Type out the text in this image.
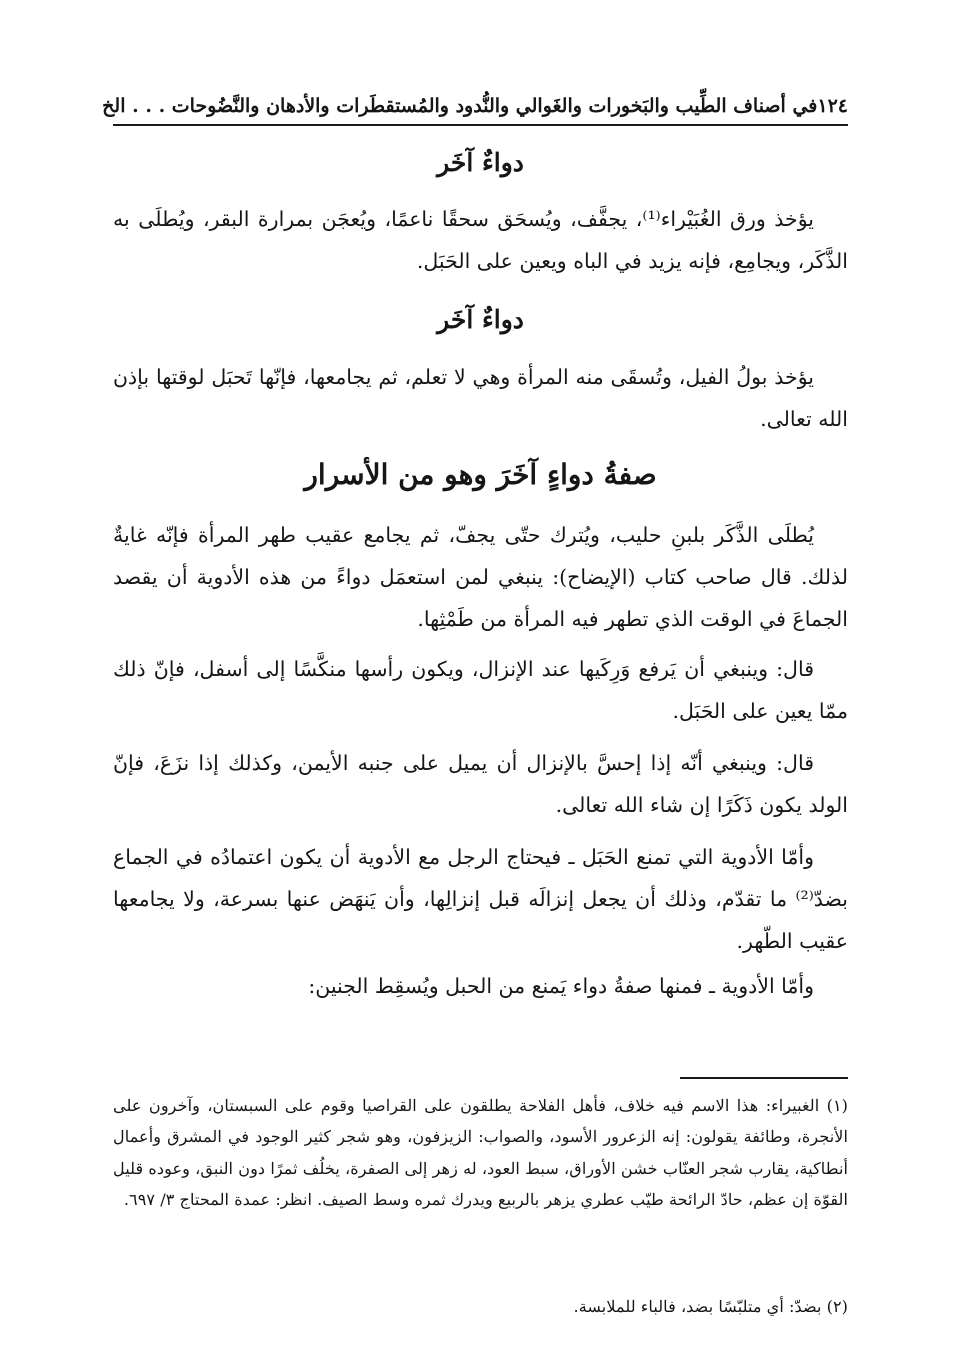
١٢٤
في أصناف الطِّيب والبَخورات والغَوالي والنُّدود والمُستقطَرات والأدهان والنَّضُوحات . . . الخ
دواءٌ آخَر

يؤخذ ورق الغُبَيْراء⁽¹⁾، يجفَّف، ويُسحَق سحقًا ناعمًا، ويُعجَن بمرارة البقر، ويُطلَى به الذَّكَر، ويجامِع، فإنه يزيد في الباه ويعين على الحَبَل.

دواءٌ آخَر

يؤخذ بولُ الفيل، وتُسقَى منه المرأة وهي لا تعلم، ثم يجامعها، فإنّها تَحبَل لوقتها بإذن الله تعالى.

صفةُ دواءٍ آخَرَ وهو من الأسرار

يُطلَى الذَّكَر بلبنِ حليب، ويُترك حتّى يجفّ، ثم يجامع عقيب طهر المرأة فإنّه غايةٌ لذلك. قال صاحب كتاب (الإيضاح): ينبغي لمن استعمَل دواءً من هذه الأدوية أن يقصد الجماعَ في الوقت الذي تطهر فيه المرأة من طَمْثِها.

قال: وينبغي أن يَرفع وَرِكَيها عند الإنزال، ويكون رأسها منكَّسًا إلى أسفل، فإنّ ذلك ممّا يعين على الحَبَل.

قال: وينبغي أنّه إذا إحسَّ بالإنزال أن يميل على جنبه الأيمن، وكذلك إذا نزَعَ، فإنّ الولد يكون ذَكَرًا إن شاء الله تعالى.

وأمّا الأدوية التي تمنع الحَبَل ـ فيحتاج الرجل مع الأدوية أن يكون اعتمادُه في الجماع بضدّ⁽²⁾ ما تقدّم، وذلك أن يجعل إنزالَه قبل إنزالِها، وأن يَنهَض عنها بسرعة، ولا يجامعها عقيب الطّهر.

وأمّا الأدوية ـ فمنها صفةُ دواء يَمنع من الحبل ويُسقِط الجنين:

(١) الغبيراء: هذا الاسم فيه خلاف، فأهل الفلاحة يطلقون على القراصيا وقوم على السبستان، وآخرون على الأنجرة، وطائفة يقولون: إنه الزعرور الأسود، والصواب: الزيزفون، وهو شجر كثير الوجود في المشرق وأعمال أنطاكية، يقارب شجر العنّاب خشن الأوراق، سبط العود، له زهر إلى الصفرة، يخلُف ثمرًا دون النبق، وعوده قليل القوّة إن عظم، حادّ الرائحة طيّب عطري يزهر بالربيع ويدرك ثمره وسط الصيف. انظر: عمدة المحتاج ٣/ ٦٩٧.

(٢) بضدّ: أي متلبّسًا بضد، فالباء للملابسة.
